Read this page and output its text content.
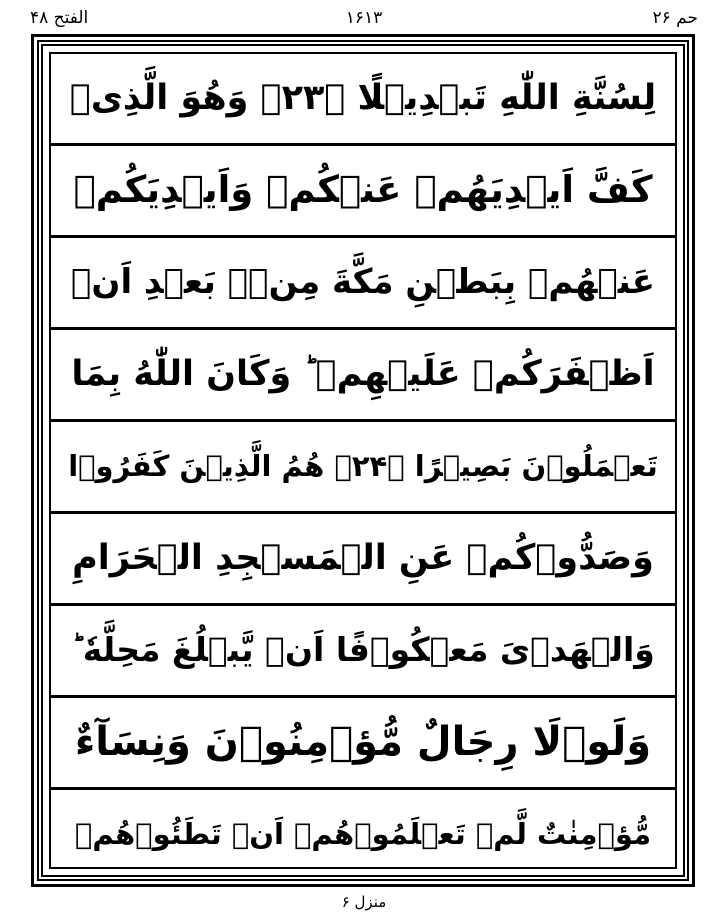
الفتح ۴۸	۱۶۱۳	حم ۲۶
لِسُنَّةِ اللّٰهِ تَبۡدِيۡلًا ﴿۲۳﴾ وَهُوَ الَّذِىۡ
كَفَّ اَيۡدِيَهُمۡ عَنۡكُمۡ وَاَيۡدِيَكُمۡ
عَنۡهُمۡ بِبَطۡنِ مَكَّةَ مِنۡۢ بَعۡدِ اَنۡ
اَظۡفَرَكُمۡ عَلَيۡهِمۡ ؕ وَكَانَ اللّٰهُ بِمَا
تَعۡمَلُوۡنَ بَصِيۡرًا ﴿۲۴﴾ هُمُ الَّذِيۡنَ كَفَرُوۡا
وَصَدُّوۡكُمۡ عَنِ الۡمَسۡجِدِ الۡحَرَامِ
وَالۡهَدۡىَ مَعۡكُوۡفًا اَنۡ يَّبۡلُغَ مَحِلَّهٗ ؕ
وَلَوۡلَا رِجَالٌ مُّؤۡمِنُوۡنَ وَنِسَآءٌ
مُّؤۡمِنٰتٌ لَّمۡ تَعۡلَمُوۡهُمۡ اَنۡ تَطَئُوۡهُمۡ
منزل ۶
